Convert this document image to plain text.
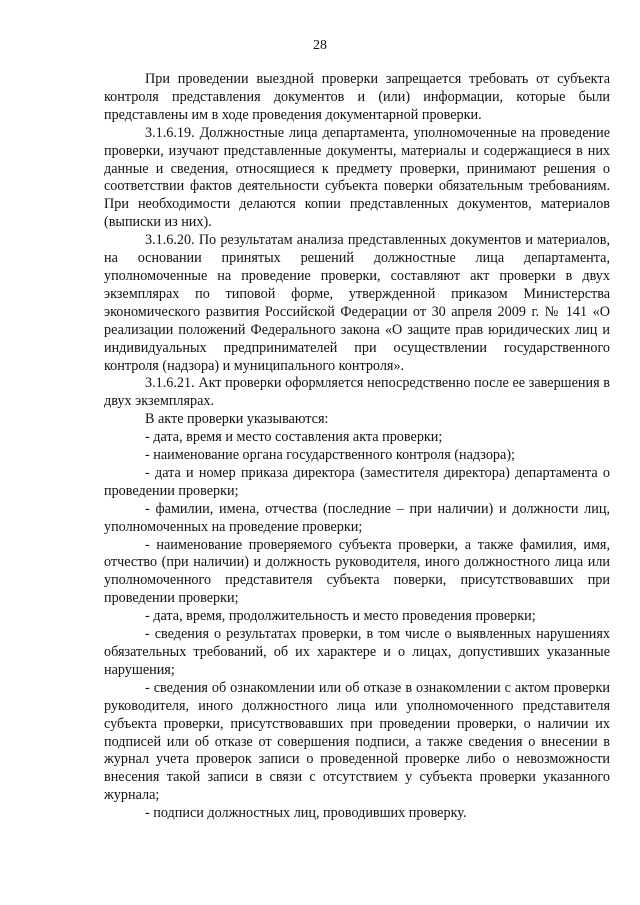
28

При проведении выездной проверки запрещается требовать от субъекта контроля представления документов и (или) информации, которые были представлены им в ходе проведения документарной проверки.

3.1.6.19. Должностные лица департамента, уполномоченные на проведение проверки, изучают представленные документы, материалы и содержащиеся в них данные и сведения, относящиеся к предмету проверки, принимают решения о соответствии фактов деятельности субъекта поверки обязательным требованиям. При необходимости делаются копии представленных документов, материалов (выписки из них).

3.1.6.20. По результатам анализа представленных документов и материалов, на основании принятых решений должностные лица департамента, уполномоченные на проведение проверки, составляют акт проверки в двух экземплярах по типовой форме, утвержденной приказом Министерства экономического развития Российской Федерации от 30 апреля 2009 г. № 141 «О реализации положений Федерального закона «О защите прав юридических лиц и индивидуальных предпринимателей при осуществлении государственного контроля (надзора) и муниципального контроля».

3.1.6.21. Акт проверки оформляется непосредственно после ее завершения в двух экземплярах.

В акте проверки указываются:

- дата, время и место составления акта проверки;

- наименование органа государственного контроля (надзора);

- дата и номер приказа директора (заместителя директора) департамента о проведении проверки;

- фамилии, имена, отчества (последние – при наличии) и должности лиц, уполномоченных на проведение проверки;

- наименование проверяемого субъекта проверки, а также фамилия, имя, отчество (при наличии) и должность руководителя, иного должностного лица или уполномоченного представителя субъекта поверки, присутствовавших при проведении проверки;

- дата, время, продолжительность и место проведения проверки;

- сведения о результатах проверки, в том числе о выявленных нарушениях обязательных требований, об их характере и о лицах, допустивших указанные нарушения;

- сведения об ознакомлении или об отказе в ознакомлении с актом проверки руководителя, иного должностного лица или уполномоченного представителя субъекта проверки, присутствовавших при проведении проверки, о наличии их подписей или об отказе от совершения подписи, а также сведения о внесении в журнал учета проверок записи о проведенной проверке либо о невозможности внесения такой записи в связи с отсутствием у субъекта проверки указанного журнала;

- подписи должностных лиц, проводивших проверку.
